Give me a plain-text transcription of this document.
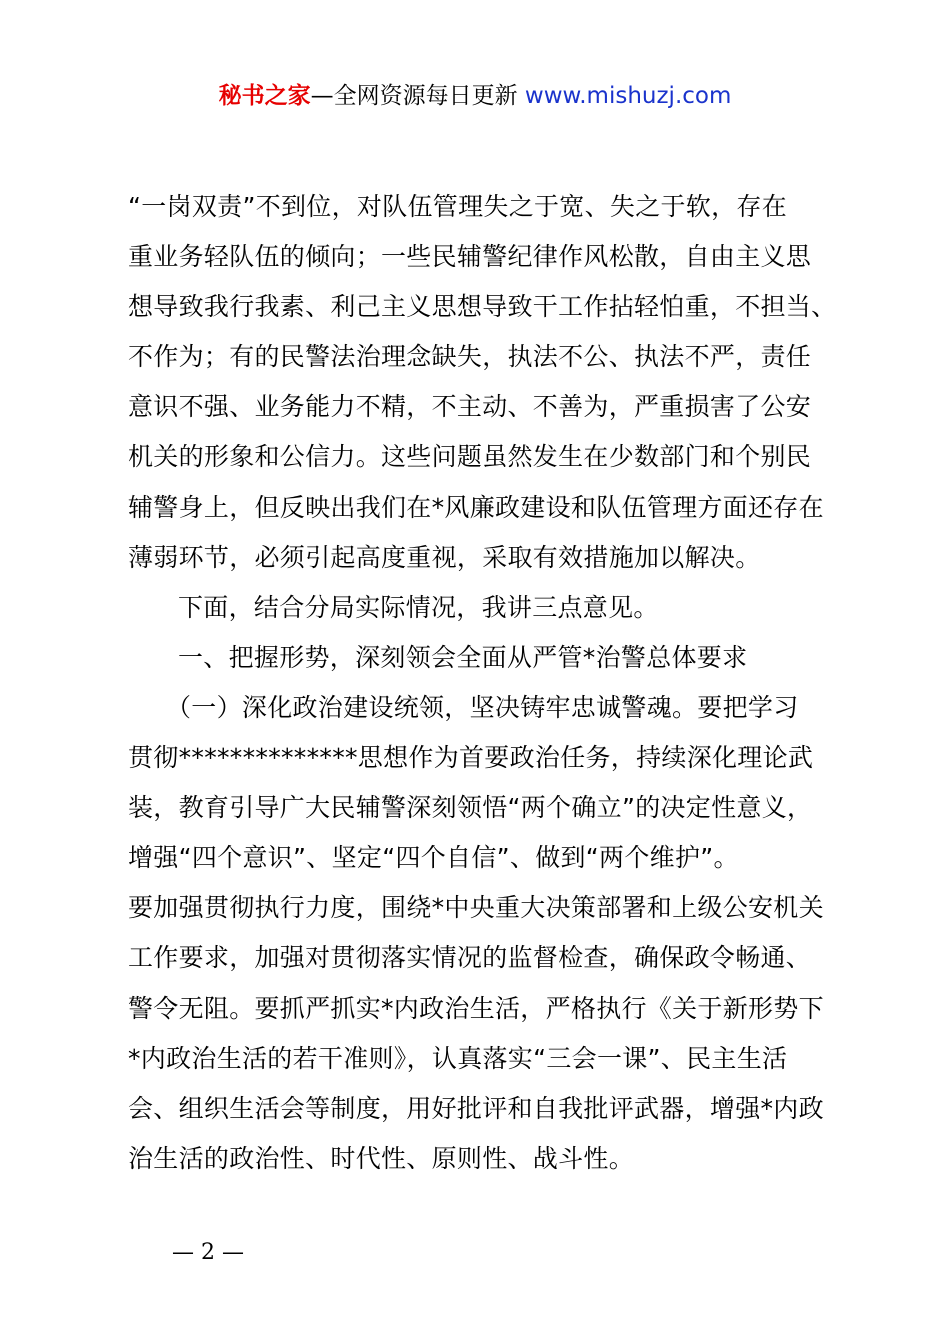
秘书之家—全网资源每日更新 www.mishuzj.com
“一岗双责”不到位，对队伍管理失之于宽、失之于软，存在
重业务轻队伍的倾向；一些民辅警纪律作风松散，自由主义思
想导致我行我素、利己主义思想导致干工作拈轻怕重，不担当、
不作为；有的民警法治理念缺失，执法不公、执法不严，责任
意识不强、业务能力不精，不主动、不善为，严重损害了公安
机关的形象和公信力。这些问题虽然发生在少数部门和个别民
辅警身上，但反映出我们在*风廉政建设和队伍管理方面还存在
薄弱环节，必须引起高度重视，采取有效措施加以解决。
下面，结合分局实际情况，我讲三点意见。
一、把握形势，深刻领会全面从严管*治警总体要求
（一）深化政治建设统领，坚决铸牢忠诚警魂。要把学习
贯彻**************思想作为首要政治任务，持续深化理论武
装，教育引导广大民辅警深刻领悟“两个确立”的决定性意义，
增强“四个意识”、坚定“四个自信”、做到“两个维护”。
要加强贯彻执行力度，围绕*中央重大决策部署和上级公安机关
工作要求，加强对贯彻落实情况的监督检查，确保政令畅通、
警令无阻。要抓严抓实*内政治生活，严格执行《关于新形势下
*内政治生活的若干准则》，认真落实“三会一课”、民主生活
会、组织生活会等制度，用好批评和自我批评武器，增强*内政
治生活的政治性、时代性、原则性、战斗性。
— 2 —
